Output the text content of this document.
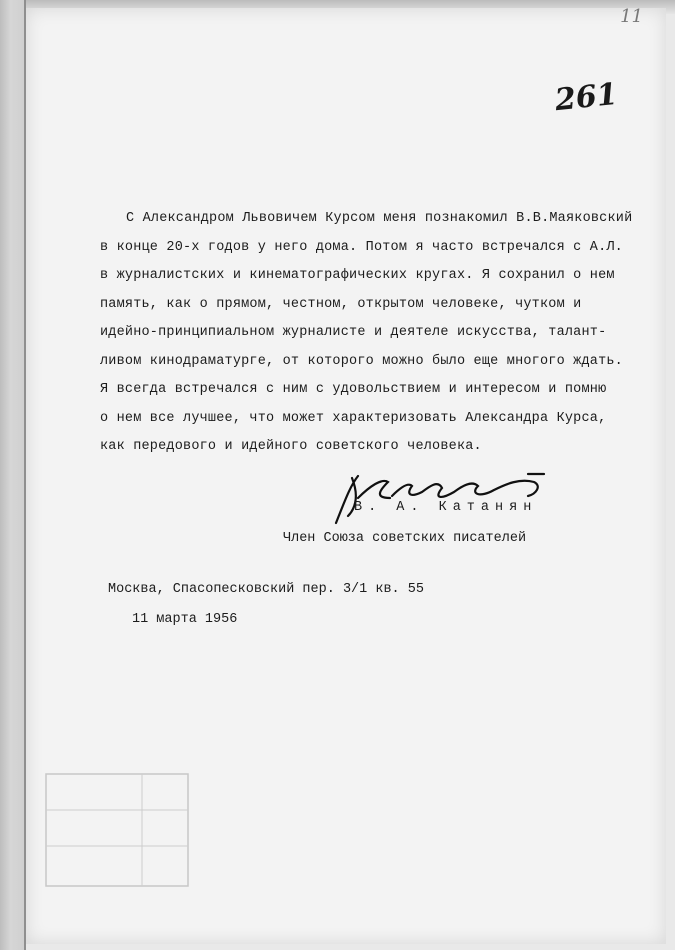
11
261
С Александром Львовичем Курсом меня познакомил В.В.Маяковский
в конце 20-х годов у него дома. Потом я часто встречался с А.Л.
в журналистских и кинематографических кругах. Я сохранил о нем
память, как о прямом, честном, открытом человеке, чутком и
идейно-принципиальном журналисте и деятеле искусства, талант-
ливом кинодраматурге, от которого можно было еще многого ждать.
Я всегда встречался с ним с удовольствием и интересом и помню
о нем все лучшее, что может характеризовать Александра Курса,
как передового и идейного советского человека.
В. А. Катанян
Член Союза советских писателей
Москва, Спасопесковский пер. 3/1 кв. 55
11 марта 1956
